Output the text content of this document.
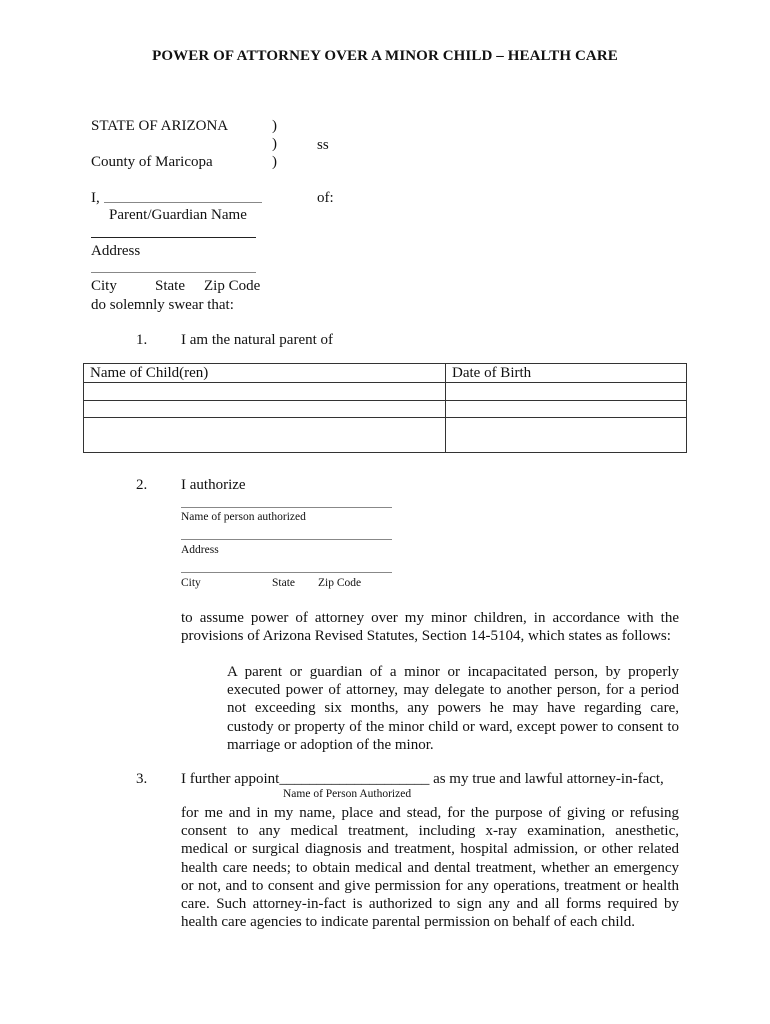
POWER OF ATTORNEY OVER A MINOR CHILD – HEALTH CARE
STATE OF ARIZONA
County of Maricopa
)
)
)
ss
I,	of:
Parent/Guardian Name
Address
City	State Zip Code
do solemnly swear that:
1. I am the natural parent of
Name of Child(ren)	Date of Birth

2. I authorize
Name of person authorized
Address
City	State Zip Code
to assume power of attorney over my minor children, in accordance with the provisions of Arizona Revised Statutes, Section 14-5104, which states as follows:
A parent or guardian of a minor or incapacitated person, by properly executed power of attorney, may delegate to another person, for a period not exceeding six months, any powers he may have regarding care, custody or property of the minor child or ward, except power to consent to marriage or adoption of the minor.
3. I further appoint____________________ as my true and lawful attorney-in-fact,
Name of Person Authorized
for me and in my name, place and stead, for the purpose of giving or refusing consent to any medical treatment, including x-ray examination, anesthetic, medical or surgical diagnosis and treatment, hospital admission, or other related health care needs; to obtain medical and dental treatment, whether an emergency or not, and to consent and give permission for any operations, treatment or health care. Such attorney-in-fact is authorized to sign any and all forms required by health care agencies to indicate parental permission on behalf of each child.
